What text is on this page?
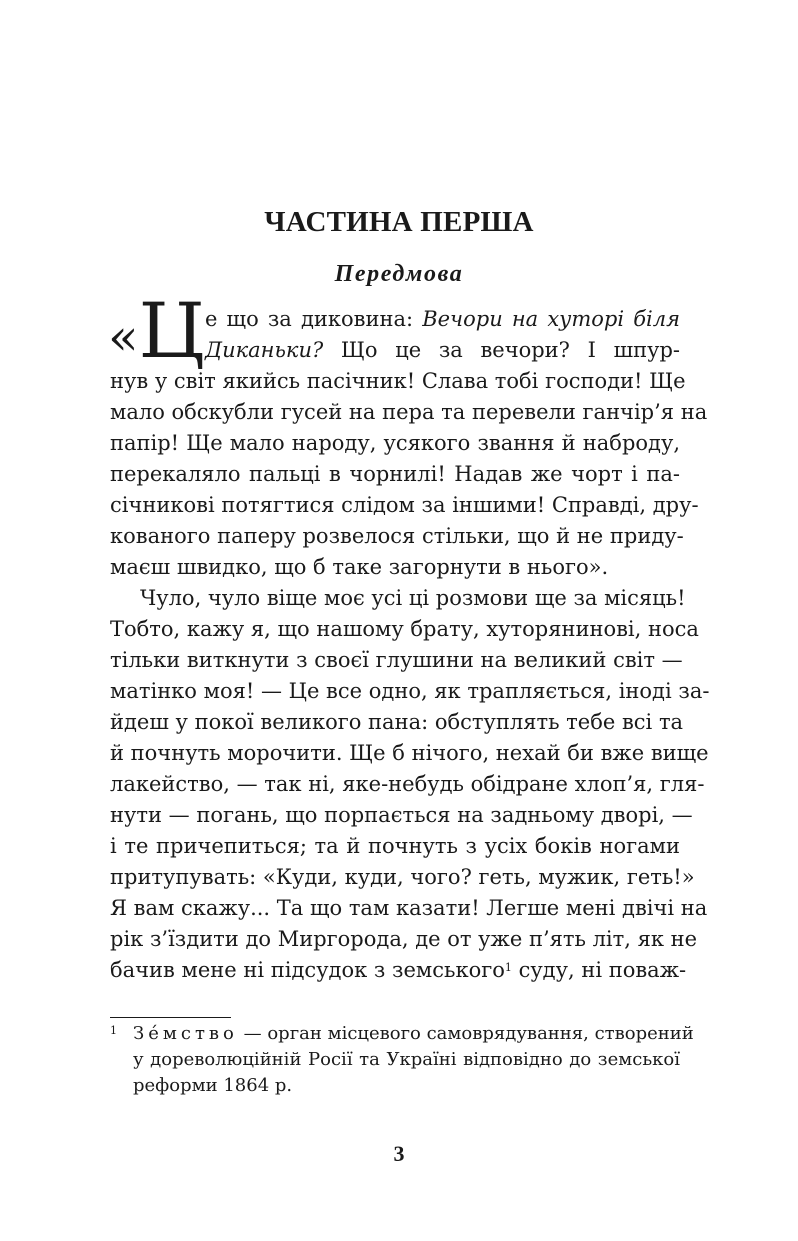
ЧАСТИНА ПЕРША
Передмова
«Ц е що за диковина: Вечори на хуторі біля
Диканьки? Що це за вечори? І шпур-
нув у світ якийсь пасічник! Слава тобі господи! Ще
мало обскубли гусей на пера та перевели ганчір’я на
папір! Ще мало народу, усякого звання й наброду,
перекаляло пальці в чорнилі! Надав же чорт і па-
січникові потягтися слідом за іншими! Справді, дру-
кованого паперу розвелося стільки, що й не приду-
маєш швидко, що б таке загорнути в нього».
Чуло, чуло віще моє усі ці розмови ще за місяць!
Тобто, кажу я, що нашому брату, хуторянинові, носа
тільки виткнути з своєї глушини на великий світ —
матінко моя! — Це все одно, як трапляється, іноді за-
йдеш у покої великого пана: обступлять тебе всі та
й почнуть морочити. Ще б нічого, нехай би вже вище
лакейство, — так ні, яке-небудь обідране хлоп’я, гля-
нути — погань, що порпається на задньому дворі, —
і те причепиться; та й почнуть з усіх боків ногами
притупувать: «Куди, куди, чого? геть, мужик, геть!»
Я вам скажу... Та що там казати! Легше мені двічі на
рік з’їздити до Миргорода, де от уже п’ять літ, як не
бачив мене ні підсудок з земського$^1$ суду, ні поваж-
1 Зéмство — орган місцевого самоврядування, створений
у дореволюційній Росії та Україні відповідно до земської
реформи 1864 р.
3
